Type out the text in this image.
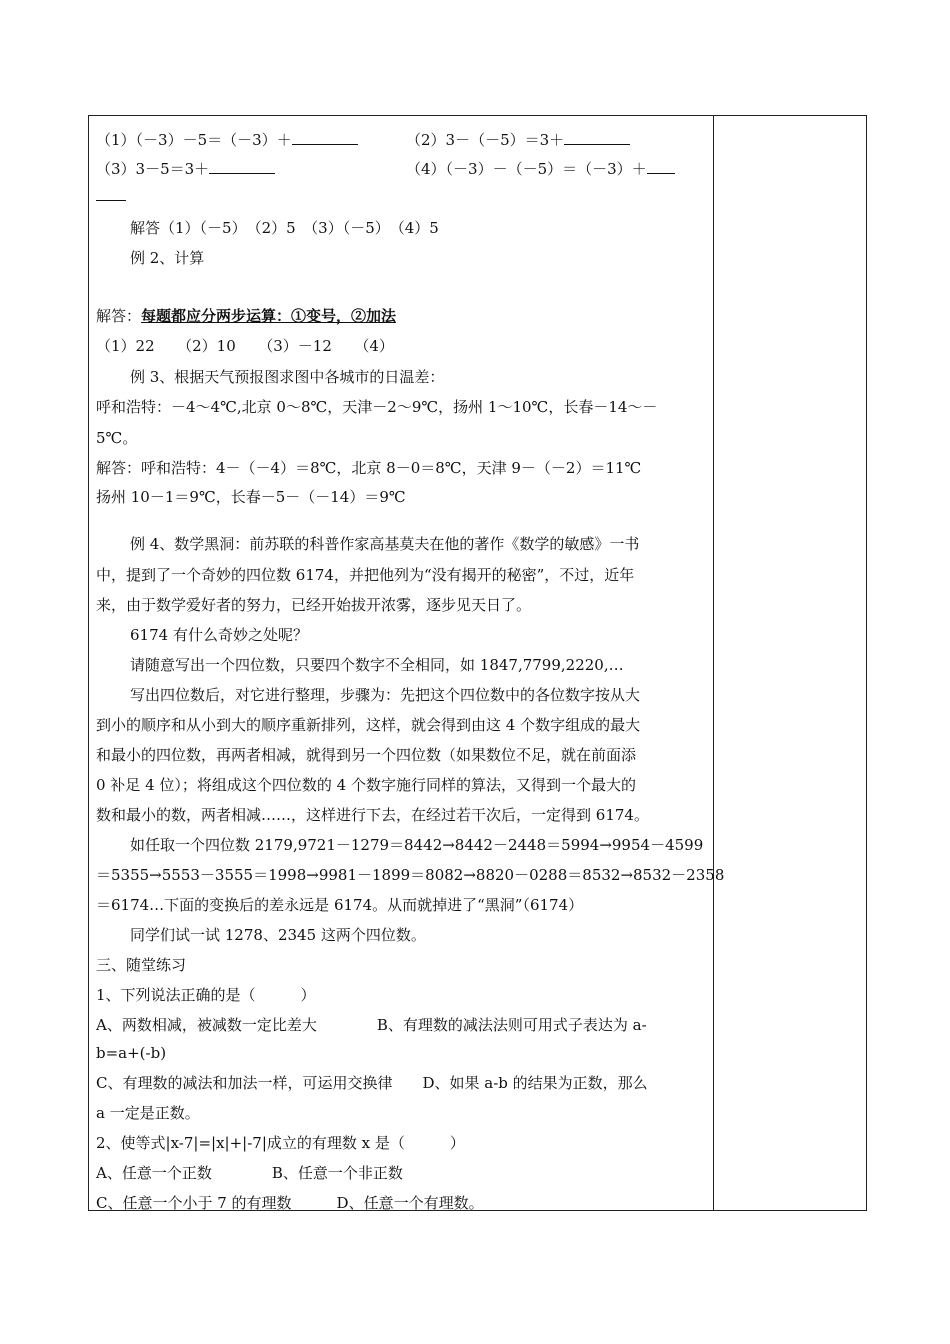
（1）（－3）－5＝（－3）＋	（2）3－（－5）＝3＋
（3）3－5＝3＋	（4）（－3）－（－5）＝（－3）＋
解答（1）（－5）　（2）5　（3）（－5）　（4）5
例 2、计算
解答：每题都应分两步运算：①变号，②加法
（1）22　　（2）10　　（3）－12　　（4）
例 3、根据天气预报图求图中各城市的日温差：
呼和浩特：－4～4℃,北京 0～8℃，天津－2～9℃，扬州 1～10℃，长春－14～－
5℃。
解答：呼和浩特：4－（－4）＝8℃，北京 8－0＝8℃，天津 9－（－2）＝11℃
扬州 10－1＝9℃，长春－5－（－14）＝9℃
例 4、数学黑洞：前苏联的科普作家高基莫夫在他的著作《数学的敏感》一书
中，提到了一个奇妙的四位数 6174，并把他列为“没有揭开的秘密”，不过，近年
来，由于数学爱好者的努力，已经开始拔开浓雾，逐步见天日了。
6174 有什么奇妙之处呢？
请随意写出一个四位数，只要四个数字不全相同，如 1847,7799,2220,…
写出四位数后，对它进行整理，步骤为：先把这个四位数中的各位数字按从大
到小的顺序和从小到大的顺序重新排列，这样，就会得到由这 4 个数字组成的最大
和最小的四位数，再两者相减，就得到另一个四位数（如果数位不足，就在前面添
0 补足 4 位）；将组成这个四位数的 4 个数字施行同样的算法，又得到一个最大的
数和最小的数，两者相减……，这样进行下去，在经过若干次后，一定得到 6174。
如任取一个四位数 2179,9721－1279＝8442→8442－2448＝5994→9954－4599
＝5355→5553－3555＝1998→9981－1899＝8082→8820－0288＝8532→8532－2358
＝6174…下面的变换后的差永远是 6174。从而就掉进了“黑洞”（6174）
同学们试一试 1278、2345 这两个四位数。
三、随堂练习
1、下列说法正确的是（　　　）
A、两数相减，被减数一定比差大　　　　B、有理数的减法法则可用式子表达为 a-
b=a+(-b)
C、有理数的减法和加法一样，可运用交换律　　D、如果 a-b 的结果为正数，那么
a 一定是正数。
2、使等式|x-7|=|x|+|-7|成立的有理数 x 是（　　　）
A、任意一个正数　　　　B、任意一个非正数
C、任意一个小于 7 的有理数　　　D、任意一个有理数。
